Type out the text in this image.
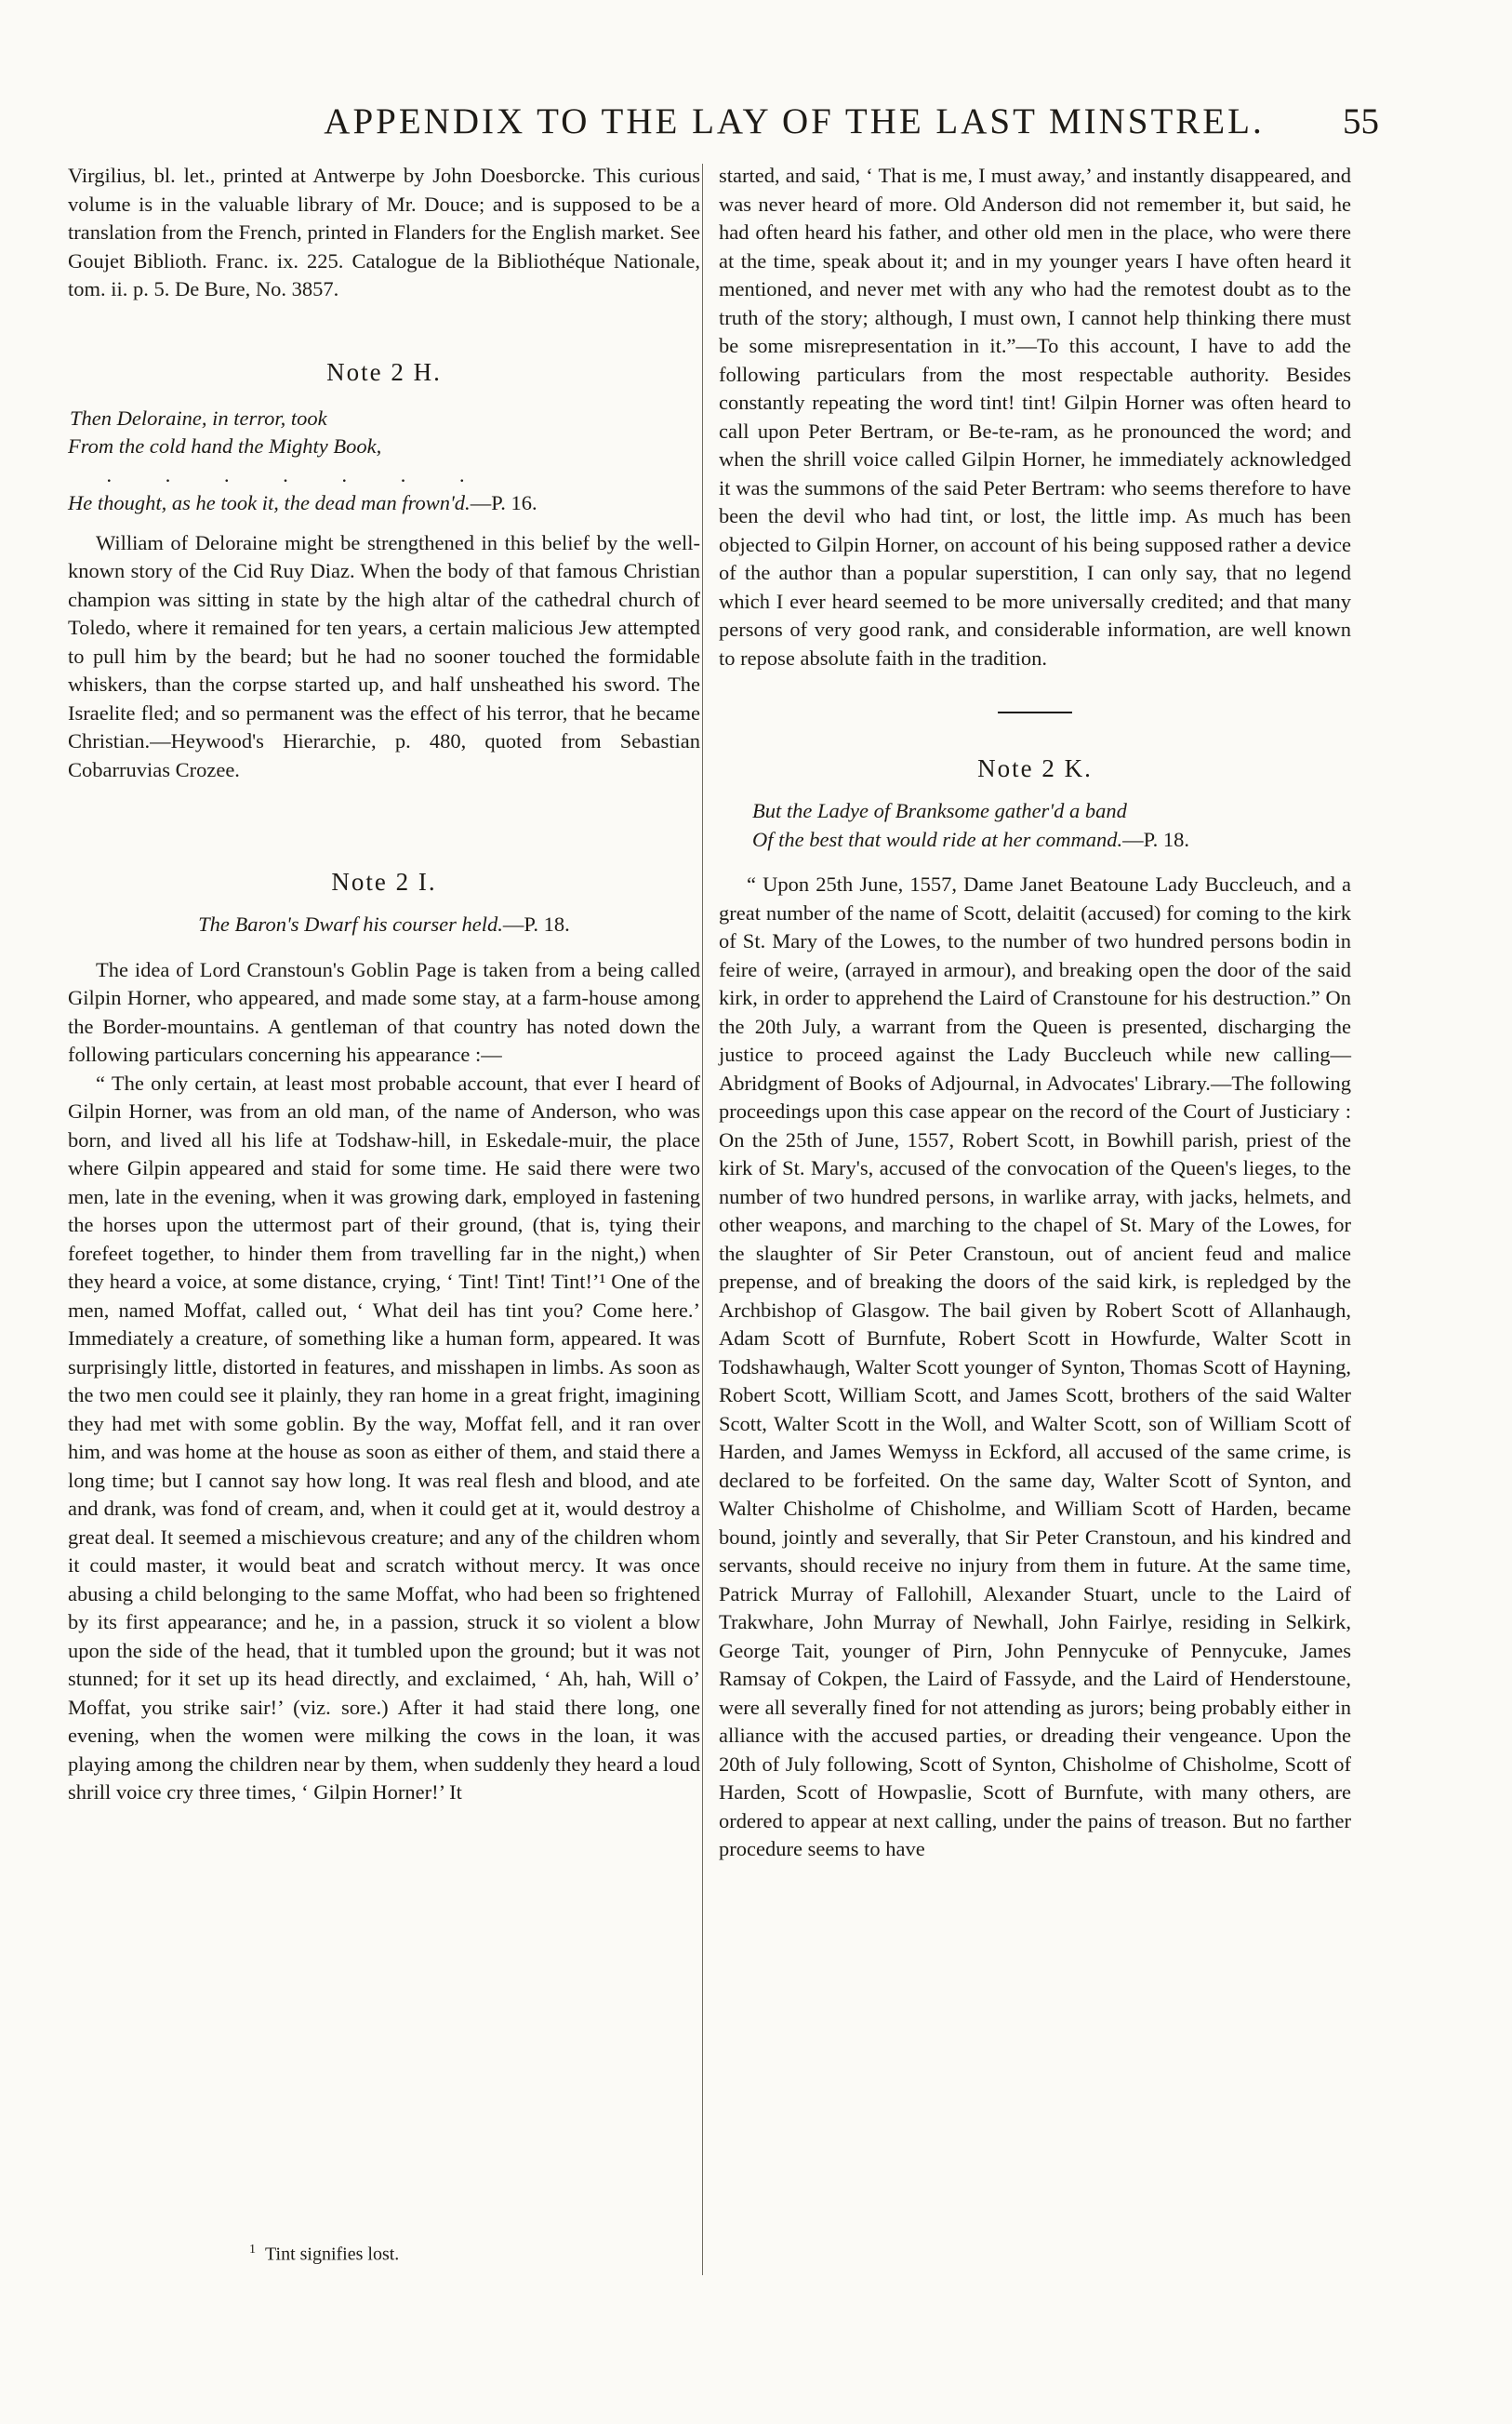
APPENDIX TO THE LAY OF THE LAST MINSTREL.	55

Virgilius, bl. let., printed at Antwerpe by John Doesborcke. This curious volume is in the valuable library of Mr. Douce; and is supposed to be a translation from the French, printed in Flanders for the English market. See Goujet Biblioth. Franc. ix. 225. Catalogue de la Bibliothéque Nationale, tom. ii. p. 5. De Bure, No. 3857.

Note 2 H.
Then Deloraine, in terror, took
From the cold hand the Mighty Book,
. . . . . . .
He thought, as he took it, the dead man frown'd.—P. 16.

William of Deloraine might be strengthened in this belief by the well-known story of the Cid Ruy Diaz. When the body of that famous Christian champion was sitting in state by the high altar of the cathedral church of Toledo, where it remained for ten years, a certain malicious Jew attempted to pull him by the beard; but he had no sooner touched the formidable whiskers, than the corpse started up, and half unsheathed his sword. The Israelite fled; and so permanent was the effect of his terror, that he became Christian.—Heywood's Hierarchie, p. 480, quoted from Sebastian Cobarruvias Crozee.

Note 2 I.
The Baron's Dwarf his courser held.—P. 18.

The idea of Lord Cranstoun's Goblin Page is taken from a being called Gilpin Horner, who appeared, and made some stay, at a farm-house among the Border-mountains. A gentleman of that country has noted down the following particulars concerning his appearance :—

“ The only certain, at least most probable account, that ever I heard of Gilpin Horner, was from an old man, of the name of Anderson, who was born, and lived all his life at Todshaw-hill, in Eskedale-muir, the place where Gilpin appeared and staid for some time. He said there were two men, late in the evening, when it was growing dark, employed in fastening the horses upon the uttermost part of their ground, (that is, tying their forefeet together, to hinder them from travelling far in the night,) when they heard a voice, at some distance, crying, ‘ Tint! Tint! Tint!’¹ One of the men, named Moffat, called out, ‘ What deil has tint you? Come here.’ Immediately a creature, of something like a human form, appeared. It was surprisingly little, distorted in features, and misshapen in limbs. As soon as the two men could see it plainly, they ran home in a great fright, imagining they had met with some goblin. By the way, Moffat fell, and it ran over him, and was home at the house as soon as either of them, and staid there a long time; but I cannot say how long. It was real flesh and blood, and ate and drank, was fond of cream, and, when it could get at it, would destroy a great deal. It seemed a mischievous creature; and any of the children whom it could master, it would beat and scratch without mercy. It was once abusing a child belonging to the same Moffat, who had been so frightened by its first appearance; and he, in a passion, struck it so violent a blow upon the side of the head, that it tumbled upon the ground; but it was not stunned; for it set up its head directly, and exclaimed, ‘ Ah, hah, Will o’ Moffat, you strike sair!’ (viz. sore.) After it had staid there long, one evening, when the women were milking the cows in the loan, it was playing among the children near by them, when suddenly they heard a loud shrill voice cry three times, ‘ Gilpin Horner!’ It

$^1$ Tint signifies lost.

started, and said, ‘ That is me, I must away,’ and instantly disappeared, and was never heard of more. Old Anderson did not remember it, but said, he had often heard his father, and other old men in the place, who were there at the time, speak about it; and in my younger years I have often heard it mentioned, and never met with any who had the remotest doubt as to the truth of the story; although, I must own, I cannot help thinking there must be some misrepresentation in it.”—To this account, I have to add the following particulars from the most respectable authority. Besides constantly repeating the word tint! tint! Gilpin Horner was often heard to call upon Peter Bertram, or Be-te-ram, as he pronounced the word; and when the shrill voice called Gilpin Horner, he immediately acknowledged it was the summons of the said Peter Bertram: who seems therefore to have been the devil who had tint, or lost, the little imp. As much has been objected to Gilpin Horner, on account of his being supposed rather a device of the author than a popular superstition, I can only say, that no legend which I ever heard seemed to be more universally credited; and that many persons of very good rank, and considerable information, are well known to repose absolute faith in the tradition.

Note 2 K.
But the Ladye of Branksome gather'd a band
Of the best that would ride at her command.—P. 18.

“ Upon 25th June, 1557, Dame Janet Beatoune Lady Buccleuch, and a great number of the name of Scott, delaitit (accused) for coming to the kirk of St. Mary of the Lowes, to the number of two hundred persons bodin in feire of weire, (arrayed in armour), and breaking open the door of the said kirk, in order to apprehend the Laird of Cranstoune for his destruction.” On the 20th July, a warrant from the Queen is presented, discharging the justice to proceed against the Lady Buccleuch while new calling—Abridgment of Books of Adjournal, in Advocates' Library.—The following proceedings upon this case appear on the record of the Court of Justiciary : On the 25th of June, 1557, Robert Scott, in Bowhill parish, priest of the kirk of St. Mary's, accused of the convocation of the Queen's lieges, to the number of two hundred persons, in warlike array, with jacks, helmets, and other weapons, and marching to the chapel of St. Mary of the Lowes, for the slaughter of Sir Peter Cranstoun, out of ancient feud and malice prepense, and of breaking the doors of the said kirk, is repledged by the Archbishop of Glasgow. The bail given by Robert Scott of Allanhaugh, Adam Scott of Burnfute, Robert Scott in Howfurde, Walter Scott in Todshawhaugh, Walter Scott younger of Synton, Thomas Scott of Hayning, Robert Scott, William Scott, and James Scott, brothers of the said Walter Scott, Walter Scott in the Woll, and Walter Scott, son of William Scott of Harden, and James Wemyss in Eckford, all accused of the same crime, is declared to be forfeited. On the same day, Walter Scott of Synton, and Walter Chisholme of Chisholme, and William Scott of Harden, became bound, jointly and severally, that Sir Peter Cranstoun, and his kindred and servants, should receive no injury from them in future. At the same time, Patrick Murray of Fallohill, Alexander Stuart, uncle to the Laird of Trakwhare, John Murray of Newhall, John Fairlye, residing in Selkirk, George Tait, younger of Pirn, John Pennycuke of Pennycuke, James Ramsay of Cokpen, the Laird of Fassyde, and the Laird of Henderstoune, were all severally fined for not attending as jurors; being probably either in alliance with the accused parties, or dreading their vengeance. Upon the 20th of July following, Scott of Synton, Chisholme of Chisholme, Scott of Harden, Scott of Howpaslie, Scott of Burnfute, with many others, are ordered to appear at next calling, under the pains of treason. But no farther procedure seems to have
